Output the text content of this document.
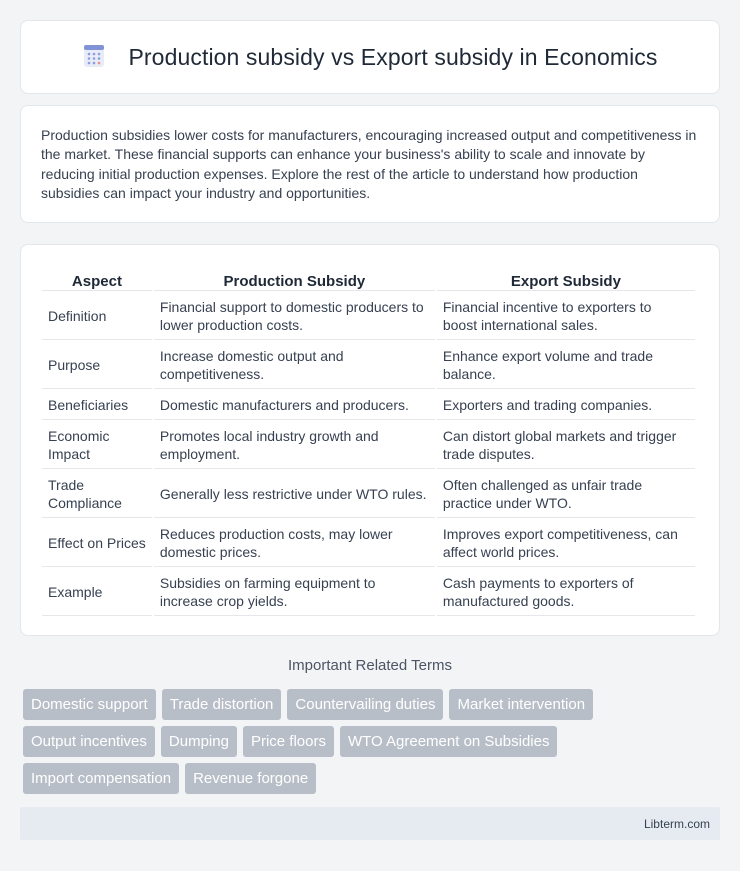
Production subsidy vs Export subsidy in Economics

Production subsidies lower costs for manufacturers, encouraging increased output and competitiveness in the market. These financial supports can enhance your business's ability to scale and innovate by reducing initial production expenses. Explore the rest of the article to understand how production subsidies can impact your industry and opportunities.

Aspect	Production Subsidy	Export Subsidy
Definition	Financial support to domestic producers to lower production costs.	Financial incentive to exporters to boost international sales.
Purpose	Increase domestic output and competitiveness.	Enhance export volume and trade balance.
Beneficiaries	Domestic manufacturers and producers.	Exporters and trading companies.
Economic Impact	Promotes local industry growth and employment.	Can distort global markets and trigger trade disputes.
Trade Compliance	Generally less restrictive under WTO rules.	Often challenged as unfair trade practice under WTO.
Effect on Prices	Reduces production costs, may lower domestic prices.	Improves export competitiveness, can affect world prices.
Example	Subsidies on farming equipment to increase crop yields.	Cash payments to exporters of manufactured goods.
Important Related Terms
Domestic support	Trade distortion	Countervailing duties	Market intervention
Output incentives	Dumping	Price floors	WTO Agreement on Subsidies
Import compensation	Revenue forgone
Libterm.com
